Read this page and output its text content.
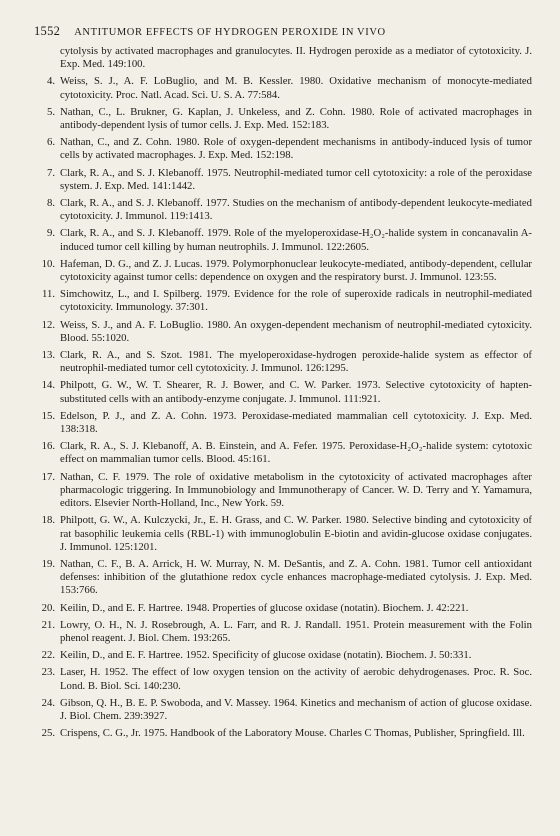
1552 ANTITUMOR EFFECTS OF HYDROGEN PEROXIDE IN VIVO
cytolysis by activated macrophages and granulocytes. II. Hydrogen peroxide as a mediator of cytotoxicity. J. Exp. Med. 149:100.
4. Weiss, S. J., A. F. LoBuglio, and M. B. Kessler. 1980. Oxidative mechanism of monocyte-mediated cytotoxicity. Proc. Natl. Acad. Sci. U. S. A. 77:584.
5. Nathan, C., L. Brukner, G. Kaplan, J. Unkeless, and Z. Cohn. 1980. Role of activated macrophages in antibody-dependent lysis of tumor cells. J. Exp. Med. 152:183.
6. Nathan, C., and Z. Cohn. 1980. Role of oxygen-dependent mechanisms in antibody-induced lysis of tumor cells by activated macrophages. J. Exp. Med. 152:198.
7. Clark, R. A., and S. J. Klebanoff. 1975. Neutrophil-mediated tumor cell cytotoxicity: a role of the peroxidase system. J. Exp. Med. 141:1442.
8. Clark, R. A., and S. J. Klebanoff. 1977. Studies on the mechanism of antibody-dependent leukocyte-mediated cytotoxicity. J. Immunol. 119:1413.
9. Clark, R. A., and S. J. Klebanoff. 1979. Role of the myeloperoxidase-H₂O₂-halide system in concanavalin A-induced tumor cell killing by human neutrophils. J. Immunol. 122:2605.
10. Hafeman, D. G., and Z. J. Lucas. 1979. Polymorphonuclear leukocyte-mediated, antibody-dependent, cellular cytotoxicity against tumor cells: dependence on oxygen and the respiratory burst. J. Immunol. 123:55.
11. Simchowitz, L., and I. Spilberg. 1979. Evidence for the role of superoxide radicals in neutrophil-mediated cytotoxicity. Immunology. 37:301.
12. Weiss, S. J., and A. F. LoBuglio. 1980. An oxygen-dependent mechanism of neutrophil-mediated cytoxicity. Blood. 55:1020.
13. Clark, R. A., and S. Szot. 1981. The myeloperoxidase-hydrogen peroxide-halide system as effector of neutrophil-mediated tumor cell cytotoxicity. J. Immunol. 126:1295.
14. Philpott, G. W., W. T. Shearer, R. J. Bower, and C. W. Parker. 1973. Selective cytotoxicity of hapten-substituted cells with an antibody-enzyme conjugate. J. Immunol. 111:921.
15. Edelson, P. J., and Z. A. Cohn. 1973. Peroxidase-mediated mammalian cell cytotoxicity. J. Exp. Med. 138:318.
16. Clark, R. A., S. J. Klebanoff, A. B. Einstein, and A. Fefer. 1975. Peroxidase-H₂O₂-halide system: cytotoxic effect on mammalian tumor cells. Blood. 45:161.
17. Nathan, C. F. 1979. The role of oxidative metabolism in the cytotoxicity of activated macrophages after pharmacologic triggering. In Immunobiology and Immunotherapy of Cancer. W. D. Terry and Y. Yamamura, editors. Elsevier North-Holland, Inc., New York. 59.
18. Philpott, G. W., A. Kulczycki, Jr., E. H. Grass, and C. W. Parker. 1980. Selective binding and cytotoxicity of rat basophilic leukemia cells (RBL-1) with immunoglobulin E-biotin and avidin-glucose oxidase conjugates. J. Immunol. 125:1201.
19. Nathan, C. F., B. A. Arrick, H. W. Murray, N. M. DeSantis, and Z. A. Cohn. 1981. Tumor cell antioxidant defenses: inhibition of the glutathione redox cycle enhances macrophage-mediated cytolysis. J. Exp. Med. 153:766.
20. Keilin, D., and E. F. Hartree. 1948. Properties of glucose oxidase (notatin). Biochem. J. 42:221.
21. Lowry, O. H., N. J. Rosebrough, A. L. Farr, and R. J. Randall. 1951. Protein measurement with the Folin phenol reagent. J. Biol. Chem. 193:265.
22. Keilin, D., and E. F. Hartree. 1952. Specificity of glucose oxidase (notatin). Biochem. J. 50:331.
23. Laser, H. 1952. The effect of low oxygen tension on the activity of aerobic dehydrogenases. Proc. R. Soc. Lond. B. Biol. Sci. 140:230.
24. Gibson, Q. H., B. E. P. Swoboda, and V. Massey. 1964. Kinetics and mechanism of action of glucose oxidase. J. Biol. Chem. 239:3927.
25. Crispens, C. G., Jr. 1975. Handbook of the Laboratory Mouse. Charles C Thomas, Publisher, Springfield. Ill.
